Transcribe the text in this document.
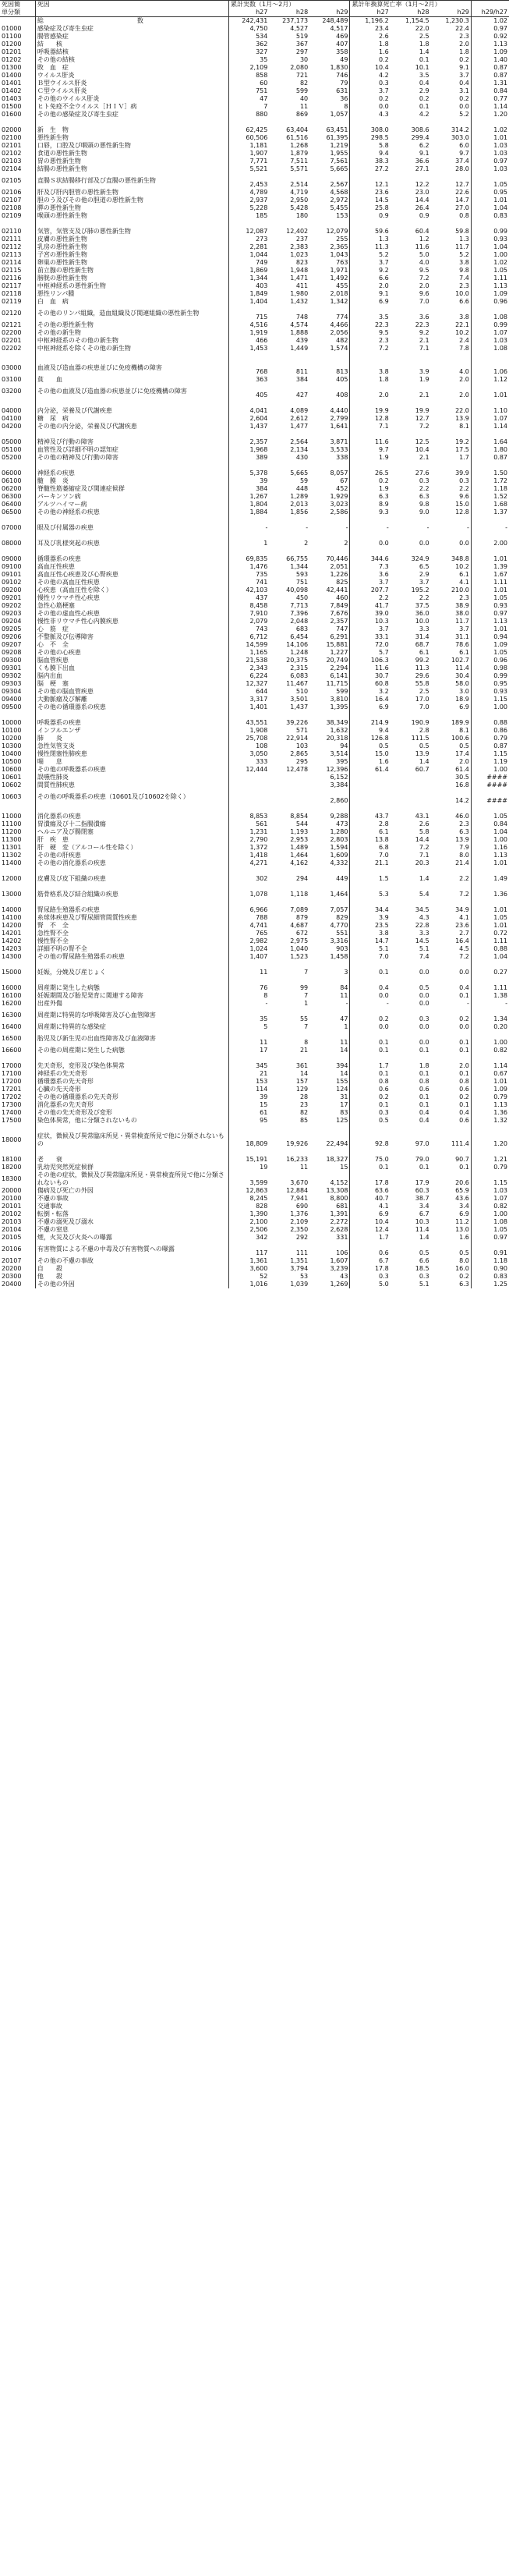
死因簡	死因	累計実数（1月～2月）			累計年換算死亡率（1月～2月）			
単分類		h27	h28	h29	h27	h28	h29	h29/h27
	総　　　　　　　　　　　　　　　数	242,431	237,173	248,489	1,196.2	1,154.5	1,230.3	1.02
01000	感染症及び寄生虫症	4,750	4,527	4,517	23.4	22.0	22.4	0.97
01100	腸管感染症	534	519	469	2.6	2.5	2.3	0.92
01200	結　　核	362	367	407	1.8	1.8	2.0	1.13
01201	呼吸器結核	327	297	358	1.6	1.4	1.8	1.09
01202	その他の結核	35	30	49	0.2	0.1	0.2	1.40
01300	敗　血　症	2,109	2,080	1,830	10.4	10.1	9.1	0.87
01400	ウイルス肝炎	858	721	746	4.2	3.5	3.7	0.87
01401	Ｂ型ウイルス肝炎	60	82	79	0.3	0.4	0.4	1.31
01402	Ｃ型ウイルス肝炎	751	599	631	3.7	2.9	3.1	0.84
01403	その他のウイルス肝炎	47	40	36	0.2	0.2	0.2	0.77
01500	ヒト免疫不全ウイルス［ＨＩＶ］病	7	11	8	0.0	0.1	0.0	1.14
01600	その他の感染症及び寄生虫症	880	869	1,057	4.3	4.2	5.2	1.20

02000	新　生　物	62,425	63,404	63,451	308.0	308.6	314.2	1.02
02100	悪性新生物	60,506	61,516	61,395	298.5	299.4	303.0	1.01
02101	口唇，口腔及び咽頭の悪性新生物	1,181	1,268	1,219	5.8	6.2	6.0	1.03
02102	食道の悪性新生物	1,907	1,879	1,955	9.4	9.1	9.7	1.03
02103	胃の悪性新生物	7,771	7,511	7,561	38.3	36.6	37.4	0.97
02104	結腸の悪性新生物	5,521	5,571	5,665	27.2	27.1	28.0	1.03
02105	直腸Ｓ状結腸移行部及び直腸の悪性新生物	2,453	2,514	2,567	12.1	12.2	12.7	1.05
02106	肝及び肝内胆管の悪性新生物	4,789	4,719	4,568	23.6	23.0	22.6	0.95
02107	胆のう及びその他の胆道の悪性新生物	2,937	2,950	2,972	14.5	14.4	14.7	1.01
02108	膵の悪性新生物	5,228	5,428	5,455	25.8	26.4	27.0	1.04
02109	喉頭の悪性新生物	185	180	153	0.9	0.9	0.8	0.83

02110	気管，気管支及び肺の悪性新生物	12,087	12,402	12,079	59.6	60.4	59.8	0.99
02111	皮膚の悪性新生物	273	237	255	1.3	1.2	1.3	0.93
02112	乳房の悪性新生物	2,281	2,383	2,365	11.3	11.6	11.7	1.04
02113	子宮の悪性新生物	1,044	1,023	1,043	5.2	5.0	5.2	1.00
02114	卵巣の悪性新生物	749	823	763	3.7	4.0	3.8	1.02
02115	前立腺の悪性新生物	1,869	1,948	1,971	9.2	9.5	9.8	1.05
02116	膀胱の悪性新生物	1,344	1,471	1,492	6.6	7.2	7.4	1.11
02117	中枢神経系の悪性新生物	403	411	455	2.0	2.0	2.3	1.13
02118	悪性リンパ腫	1,849	1,980	2,018	9.1	9.6	10.0	1.09
02119	白　血　病	1,404	1,432	1,342	6.9	7.0	6.6	0.96
02120	その他のリンパ組織，造血組織及び関連組織の悪性新生物	715	748	774	3.5	3.6	3.8	1.08
02121	その他の悪性新生物	4,516	4,574	4,466	22.3	22.3	22.1	0.99
02200	その他の新生物	1,919	1,888	2,056	9.5	9.2	10.2	1.07
02201	中枢神経系のその他の新生物	466	439	482	2.3	2.1	2.4	1.03
02202	中枢神経系を除くその他の新生物	1,453	1,449	1,574	7.2	7.1	7.8	1.08

03000	血液及び造血器の疾患並びに免疫機構の障害	768	811	813	3.8	3.9	4.0	1.06
03100	貧　　血	363	384	405	1.8	1.9	2.0	1.12
03200	その他の血液及び造血器の疾患並びに免疫機構の障害	405	427	408	2.0	2.1	2.0	1.01

04000	内分泌，栄養及び代謝疾患	4,041	4,089	4,440	19.9	19.9	22.0	1.10
04100	糖　尿　病	2,604	2,612	2,799	12.8	12.7	13.9	1.07
04200	その他の内分泌，栄養及び代謝疾患	1,437	1,477	1,641	7.1	7.2	8.1	1.14

05000	精神及び行動の障害	2,357	2,564	3,871	11.6	12.5	19.2	1.64
05100	血管性及び詳細不明の認知症	1,968	2,134	3,533	9.7	10.4	17.5	1.80
05200	その他の精神及び行動の障害	389	430	338	1.9	2.1	1.7	0.87

06000	神経系の疾患	5,378	5,665	8,057	26.5	27.6	39.9	1.50
06100	髄　膜　炎	39	59	67	0.2	0.3	0.3	1.72
06200	脊髄性筋萎縮症及び関連症候群	384	448	452	1.9	2.2	2.2	1.18
06300	パーキンソン病	1,267	1,289	1,929	6.3	6.3	9.6	1.52
06400	アルツハイマー病	1,804	2,013	3,023	8.9	9.8	15.0	1.68
06500	その他の神経系の疾患	1,884	1,856	2,586	9.3	9.0	12.8	1.37

07000	眼及び付属器の疾患	-	-	-	-	-	-	-

08000	耳及び乳様突起の疾患	1	2	2	0.0	0.0	0.0	2.00

09000	循環器系の疾患	69,835	66,755	70,446	344.6	324.9	348.8	1.01
09100	高血圧性疾患	1,476	1,344	2,051	7.3	6.5	10.2	1.39
09101	高血圧性心疾患及び心腎疾患	735	593	1,226	3.6	2.9	6.1	1.67
09102	その他の高血圧性疾患	741	751	825	3.7	3.7	4.1	1.11
09200	心疾患（高血圧性を除く）	42,103	40,098	42,441	207.7	195.2	210.0	1.01
09201	慢性リウマチ性心疾患	437	450	460	2.2	2.2	2.3	1.05
09202	急性心筋梗塞	8,458	7,713	7,849	41.7	37.5	38.9	0.93
09203	その他の虚血性心疾患	7,910	7,396	7,676	39.0	36.0	38.0	0.97
09204	慢性非リウマチ性心内膜疾患	2,079	2,048	2,357	10.3	10.0	11.7	1.13
09205	心　筋　症	743	683	747	3.7	3.3	3.7	1.01
09206	不整脈及び伝導障害	6,712	6,454	6,291	33.1	31.4	31.1	0.94
09207	心　不　全	14,599	14,106	15,881	72.0	68.7	78.6	1.09
09208	その他の心疾患	1,165	1,248	1,227	5.7	6.1	6.1	1.05
09300	脳血管疾患	21,538	20,375	20,749	106.3	99.2	102.7	0.96
09301	くも膜下出血	2,343	2,315	2,294	11.6	11.3	11.4	0.98
09302	脳内出血	6,224	6,083	6,141	30.7	29.6	30.4	0.99
09303	脳　梗　塞	12,327	11,467	11,715	60.8	55.8	58.0	0.95
09304	その他の脳血管疾患	644	510	599	3.2	2.5	3.0	0.93
09400	大動脈瘤及び解離	3,317	3,501	3,810	16.4	17.0	18.9	1.15
09500	その他の循環器系の疾患	1,401	1,437	1,395	6.9	7.0	6.9	1.00

10000	呼吸器系の疾患	43,551	39,226	38,349	214.9	190.9	189.9	0.88
10100	インフルエンザ	1,908	571	1,632	9.4	2.8	8.1	0.86
10200	肺　　炎	25,708	22,914	20,318	126.8	111.5	100.6	0.79
10300	急性気管支炎	108	103	94	0.5	0.5	0.5	0.87
10400	慢性閉塞性肺疾患	3,050	2,865	3,514	15.0	13.9	17.4	1.15
10500	喘　　息	333	295	395	1.6	1.4	2.0	1.19
10600	その他の呼吸器系の疾患	12,444	12,478	12,396	61.4	60.7	61.4	1.00
10601	誤嚥性肺炎			6,152			30.5	####
10602	間質性肺疾患			3,384			16.8	####
10603	その他の呼吸器系の疾患（10601及び10602を除く）			2,860			14.2	####

11000	消化器系の疾患	8,853	8,854	9,288	43.7	43.1	46.0	1.05
11100	胃潰瘍及び十二指腸潰瘍	561	544	473	2.8	2.6	2.3	0.84
11200	ヘルニア及び腸閉塞	1,231	1,193	1,280	6.1	5.8	6.3	1.04
11300	肝　疾　患	2,790	2,953	2,803	13.8	14.4	13.9	1.00
11301	肝　硬　変（アルコール性を除く）	1,372	1,489	1,594	6.8	7.2	7.9	1.16
11302	その他の肝疾患	1,418	1,464	1,609	7.0	7.1	8.0	1.13
11400	その他の消化器系の疾患	4,271	4,162	4,332	21.1	20.3	21.4	1.01

12000	皮膚及び皮下組織の疾患	302	294	449	1.5	1.4	2.2	1.49

13000	筋骨格系及び結合組織の疾患	1,078	1,118	1,464	5.3	5.4	7.2	1.36

14000	腎尿路生殖器系の疾患	6,966	7,089	7,057	34.4	34.5	34.9	1.01
14100	糸球体疾患及び腎尿細管間質性疾患	788	879	829	3.9	4.3	4.1	1.05
14200	腎　不　全	4,741	4,687	4,770	23.5	22.8	23.6	1.01
14201	急性腎不全	765	672	551	3.8	3.3	2.7	0.72
14202	慢性腎不全	2,982	2,975	3,316	14.7	14.5	16.4	1.11
14203	詳細不明の腎不全	1,024	1,040	903	5.1	5.1	4.5	0.88
14300	その他の腎尿路生殖器系の疾患	1,407	1,523	1,458	7.0	7.4	7.2	1.04

15000	妊娠，分娩及び産じょく	11	7	3	0.1	0.0	0.0	0.27

16000	周産期に発生した病態	76	99	84	0.4	0.5	0.4	1.11
16100	妊娠期間及び胎児発育に関連する障害	8	7	11	0.0	0.0	0.1	1.38
16200	出産外傷	-	1	-	-	0.0	-	-
16300	周産期に特異的な呼吸障害及び心血管障害	35	55	47	0.2	0.3	0.2	1.34
16400	周産期に特異的な感染症	5	7	1	0.0	0.0	0.0	0.20
16500	胎児及び新生児の出血性障害及び血液障害	11	8	11	0.1	0.0	0.1	1.00
16600	その他の周産期に発生した病態	17	21	14	0.1	0.1	0.1	0.82

17000	先天奇形，変形及び染色体異常	345	361	394	1.7	1.8	2.0	1.14
17100	神経系の先天奇形	21	14	14	0.1	0.1	0.1	0.67
17200	循環器系の先天奇形	153	157	155	0.8	0.8	0.8	1.01
17201	心臓の先天奇形	114	129	124	0.6	0.6	0.6	1.09
17202	その他の循環器系の先天奇形	39	28	31	0.2	0.1	0.2	0.79
17300	消化器系の先天奇形	15	23	17	0.1	0.1	0.1	1.13
17400	その他の先天奇形及び変形	61	82	83	0.3	0.4	0.4	1.36
17500	染色体異常，他に分類されないもの	95	85	125	0.5	0.4	0.6	1.32

18000	症状，徴候及び異常臨床所見・異常検査所見で他に分類されないもの	18,809	19,926	22,494	92.8	97.0	111.4	1.20

18100	老　　衰	15,191	16,233	18,327	75.0	79.0	90.7	1.21
18200	乳幼児突然死症候群	19	11	15	0.1	0.1	0.1	0.79
18300	その他の症状，徴候及び異常臨床所見・異常検査所見で他に分類されないもの	3,599	3,670	4,152	17.8	17.9	20.6	1.15
20000	傷病及び死亡の外因	12,863	12,884	13,308	63.6	60.3	65.9	1.03
20100	不慮の事故	8,245	7,941	8,800	40.7	38.7	43.6	1.07
20101	交通事故	828	690	681	4.1	3.4	3.4	0.82
20102	転倒・転落	1,390	1,376	1,391	6.9	6.7	6.9	1.00
20103	不慮の溺死及び溺水	2,100	2,109	2,272	10.4	10.3	11.2	1.08
20104	不慮の窒息	2,506	2,350	2,628	12.4	11.4	13.0	1.05
20105	煙，火災及び火炎への曝露	342	292	331	1.7	1.4	1.6	0.97
20106	有害物質による不慮の中毒及び有害物質への曝露	117	111	106	0.6	0.5	0.5	0.91
20107	その他の不慮の事故	1,361	1,351	1,607	6.7	6.6	8.0	1.18
20200	自　　殺	3,600	3,794	3,239	17.8	18.5	16.0	0.90
20300	他　　殺	52	53	43	0.3	0.3	0.2	0.83
20400	その他の外因	1,016	1,039	1,269	5.0	5.1	6.3	1.25
